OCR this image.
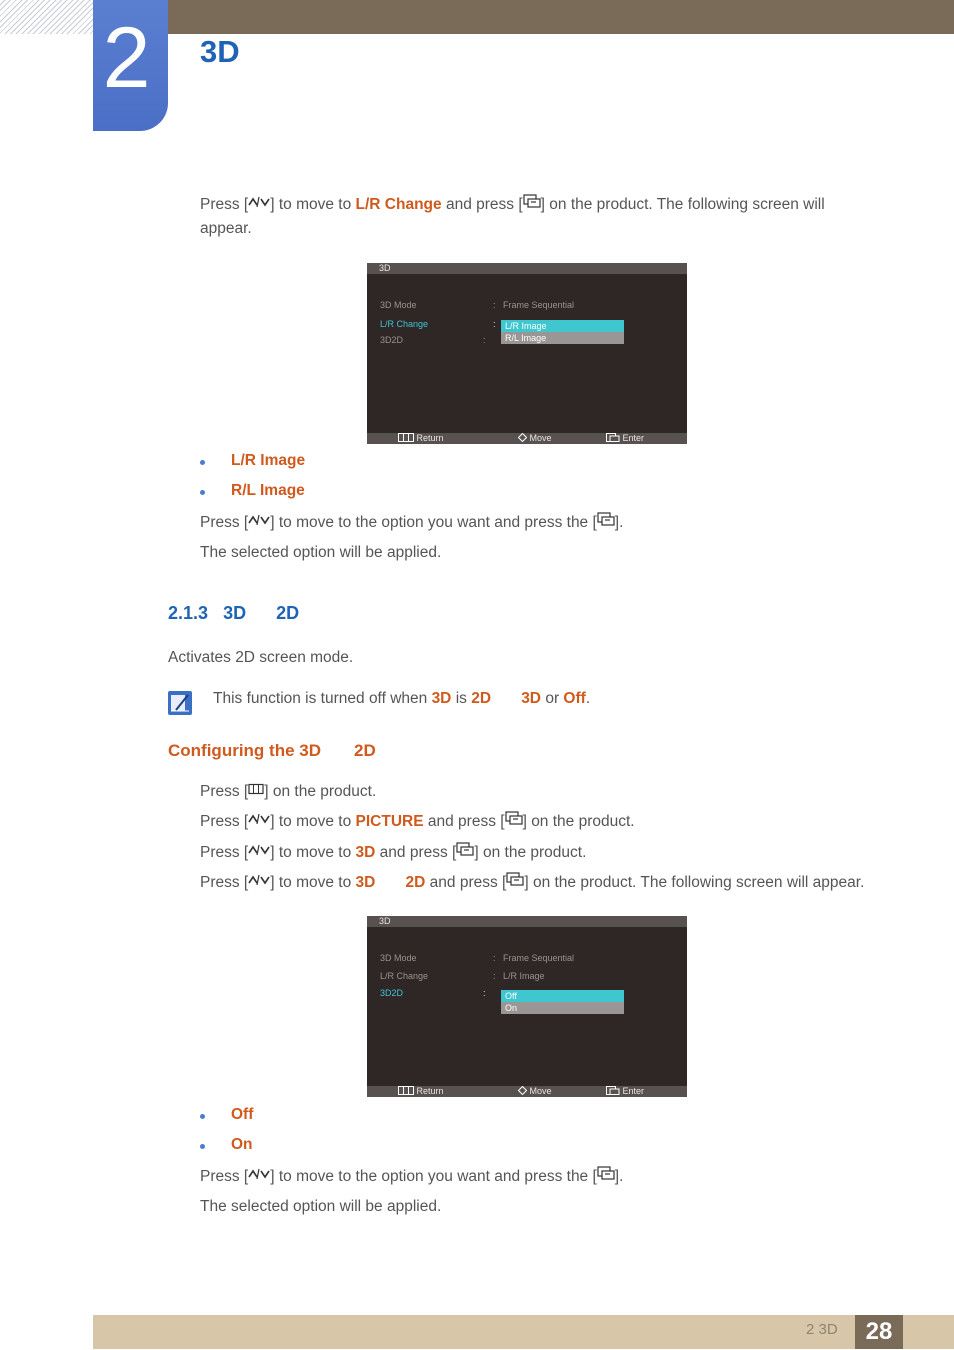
2	3D
Press [ ] to move to L/R Change and press [ ] on the product. The following screen will
appear.
3D
3D Mode	: Frame Sequential
L/R Change	:
3D2D	:
L/R Image
R/L Image
Return	Move	Enter
L/R Image
R/L Image
Press [ ] to move to the option you want and press the [ ].
The selected option will be applied.
2.1.3 3D 2D
Activates 2D screen mode.
This function is turned off when 3D is 2D 3D or Off.
Configuring the 3D 2D
Press [ ] on the product.
Press [ ] to move to PICTURE and press [ ] on the product.
Press [ ] to move to 3D and press [ ] on the product.
Press [ ] to move to 3D 2D and press [ ] on the product. The following screen will appear.
3D
3D Mode	: Frame Sequential
L/R Change	: L/R Image
3D2D	:	Off
On
Return	Move	Enter
Off
On
Press [ ] to move to the option you want and press the [ ].
The selected option will be applied.
2 3D	28
